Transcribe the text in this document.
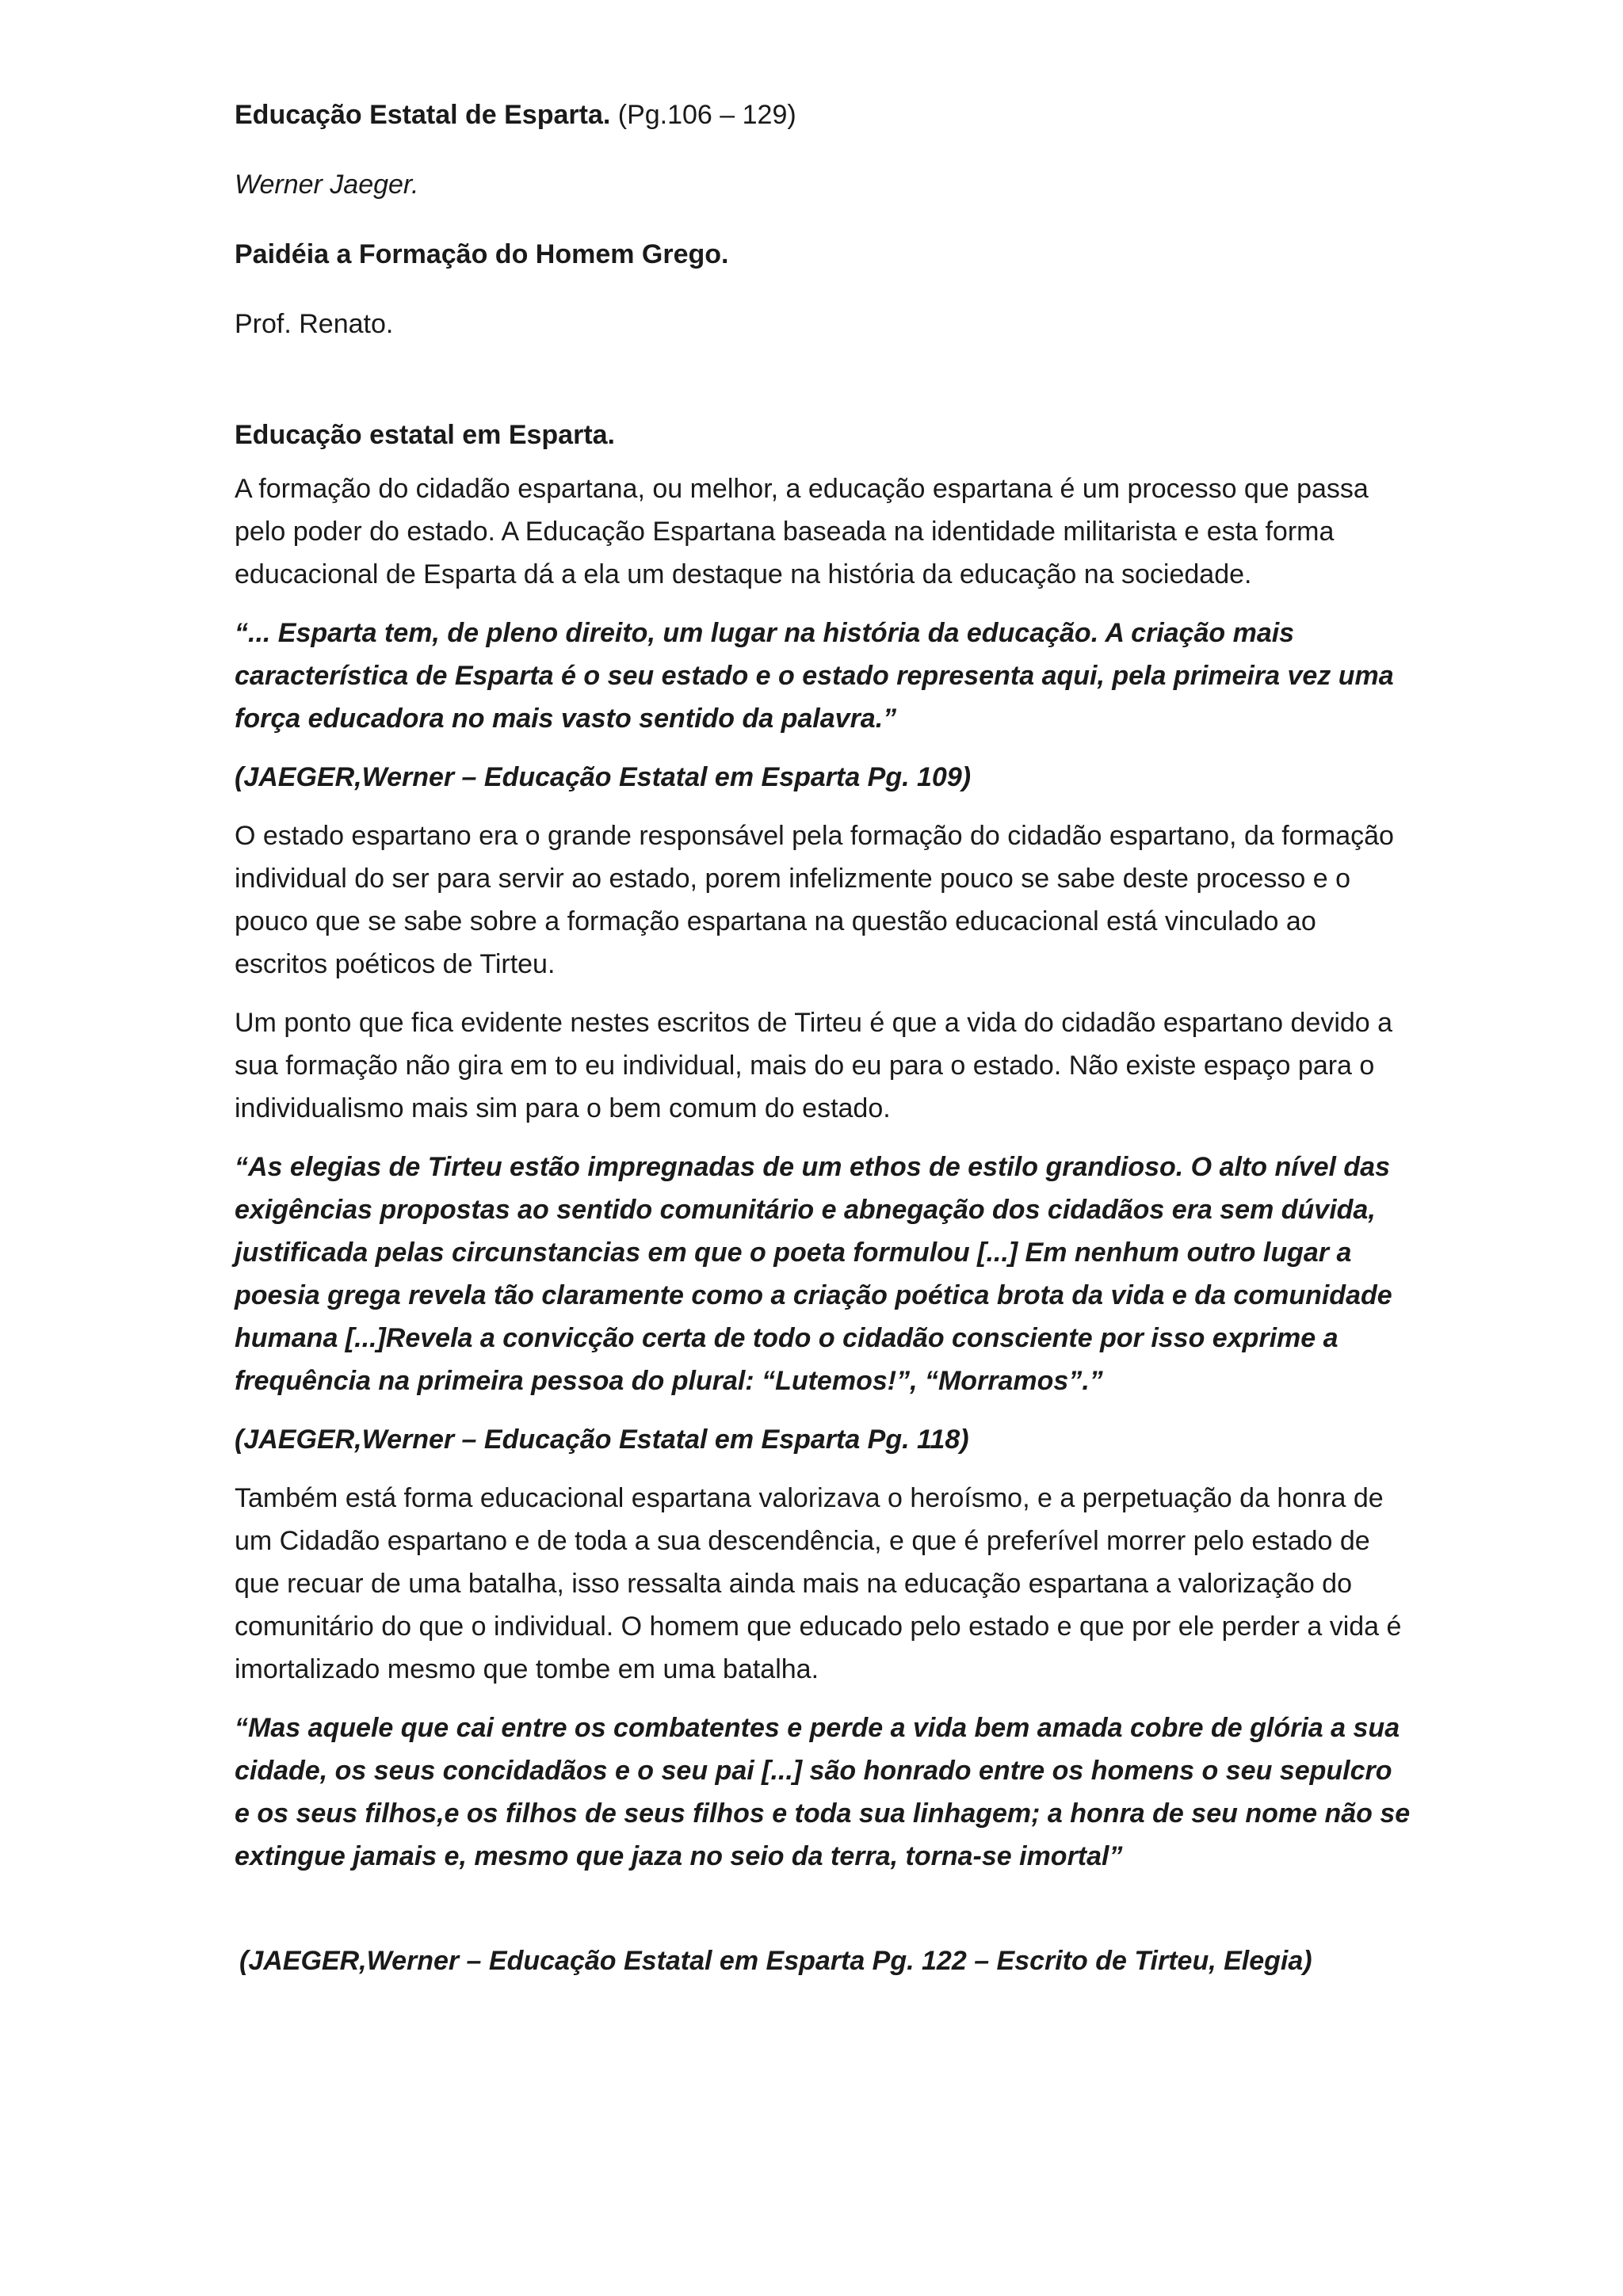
Educação Estatal de Esparta. (Pg.106 – 129)

Werner Jaeger.

Paidéia a Formação do Homem Grego.

Prof. Renato.

Educação estatal em Esparta.

A formação do cidadão espartana, ou melhor, a educação espartana é um processo que passa pelo poder do estado. A Educação Espartana baseada na identidade militarista e esta forma educacional de Esparta dá a ela um destaque na história da educação na sociedade.

“... Esparta tem, de pleno direito, um lugar na história da educação. A criação mais característica de Esparta é o seu estado e o estado representa aqui, pela primeira vez uma força educadora no mais vasto sentido da palavra.”

(JAEGER,Werner – Educação Estatal em Esparta Pg. 109)

O estado espartano era o grande responsável pela formação do cidadão espartano, da formação individual do ser para servir ao estado, porem infelizmente pouco se sabe deste processo e o pouco que se sabe sobre a formação espartana na questão educacional está vinculado ao escritos poéticos de Tirteu.

Um ponto que fica evidente nestes escritos de Tirteu é que a vida do cidadão espartano devido a sua formação não gira em to eu individual, mais do eu para o estado. Não existe espaço para o individualismo mais sim para o bem comum do estado.

“As elegias de Tirteu estão impregnadas de um ethos de estilo grandioso. O alto nível das exigências propostas ao sentido comunitário e abnegação dos cidadãos era sem dúvida, justificada pelas circunstancias em que o poeta formulou [...] Em nenhum outro lugar a poesia grega revela tão claramente como a criação poética brota da vida e da comunidade humana [...]Revela a convicção certa de todo o cidadão consciente por isso exprime a frequência na primeira pessoa do plural: “Lutemos!”, “Morramos”.”

(JAEGER,Werner – Educação Estatal em Esparta Pg. 118)

Também está forma educacional espartana valorizava o heroísmo, e a perpetuação da honra de um Cidadão espartano e de toda a sua descendência, e que é preferível morrer pelo estado de que recuar de uma batalha, isso ressalta ainda mais na educação espartana a valorização do comunitário do que o individual. O homem que educado pelo estado e que por ele perder a vida é imortalizado mesmo que tombe em uma batalha.

“Mas aquele que cai entre os combatentes e perde a vida bem amada cobre de glória a sua cidade, os seus concidadãos e o seu pai [...] são honrado entre os homens o seu sepulcro e os seus filhos,e os filhos de seus filhos e toda sua linhagem; a honra de seu nome não se extingue jamais e, mesmo que jaza no seio da terra, torna-se imortal”

(JAEGER,Werner – Educação Estatal em Esparta Pg. 122 – Escrito de Tirteu, Elegia)
